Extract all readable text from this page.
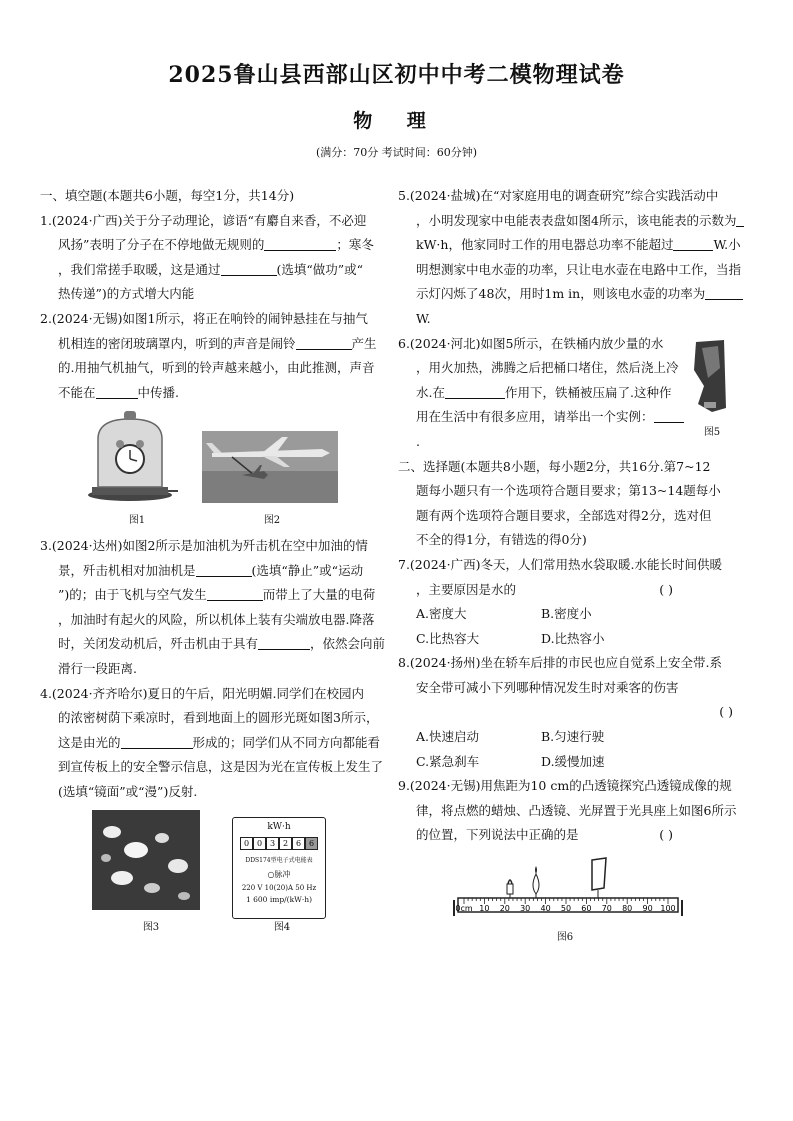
2025鲁山县西部山区初中中考二模物理试卷
物 理
(满分：70分 考试时间：60分钟)

一、填空题(本题共6小题，每空1分，共14分)

1.(2024·广西)关于分子动理论，谚语“有麝自来香，不必迎

风扬”表明了分子在不停地做无规则的	；寒冬

，我们常搓手取暖，这是通过	(选填“做功”或“

热传递”)的方式增大内能

2.(2024·无锡)如图1所示，将正在响铃的闹钟悬挂在与抽气

机相连的密闭玻璃罩内，听到的声音是闹铃	产生

的.用抽气机抽气，听到的铃声越来越小，由此推测，声音

不能在	中传播.

图1	图2

3.(2024·达州)如图2所示是加油机为歼击机在空中加油的情

景，歼击机相对加油机是	(选填“静止”或“运动

”)的；由于飞机与空气发生	而带上了大量的电荷

，加油时有起火的风险，所以机体上装有尖端放电器.降落

时，关闭发动机后，歼击机由于具有	，依然会向前

滑行一段距离.

4.(2024·齐齐哈尔)夏日的午后，阳光明媚.同学们在校园内

的浓密树荫下乘凉时，看到地面上的圆形光斑如图3所示，

这是由光的	形成的；同学们从不同方向都能看

到宣传板上的安全警示信息，这是因为光在宣传板上发生了

(选填“镜面”或“漫”)反射.

图3
kW·h
0 0 3 2 6 6
DDS174型电子式电能表
○脉冲
220 V 10(20)A 50 Hz
1 600 imp/(kW·h)
图4

5.(2024·盐城)在“对家庭用电的调查研究”综合实践活动中

，小明发现家中电能表表盘如图4所示，该电能表的示数为

kW·h，他家同时工作的用电器总功率不能超过	W.小

明想测家中电水壶的功率，只让电水壶在电路中工作，当指

示灯闪烁了48次，用时1m in，则该电水壶的功率为

W.

6.(2024·河北)如图5所示，在铁桶内放少量的水

，用火加热，沸腾之后把桶口堵住，然后浇上冷

水.在	作用下，铁桶被压扁了.这种作

用在生活中有很多应用，请举出一个实例：

.

图5

二、选择题(本题共8小题，每小题2分，共16分.第7~12

题每小题只有一个选项符合题目要求；第13~14题每小

题有两个选项符合题目要求，全部选对得2分，选对但

不全的得1分，有错选的得0分)

7.(2024·广西)冬天，人们常用热水袋取暖.水能长时间供暖

，主要原因是水的	( )

A.密度大	B.密度小
C.比热容大	D.比热容小

8.(2024·扬州)坐在轿车后排的市民也应自觉系上安全带.系

安全带可减小下列哪种情况发生时对乘客的伤害

( )

A.快速启动	B.匀速行驶
C.紧急刹车	D.缓慢加速

9.(2024·无锡)用焦距为10 cm的凸透镜探究凸透镜成像的规

律，将点燃的蜡烛、凸透镜、光屏置于光具座上如图6所示

的位置，下列说法中正确的是	( )

0cm 10 20 30 40 50 60 70 80 90 100
图6
